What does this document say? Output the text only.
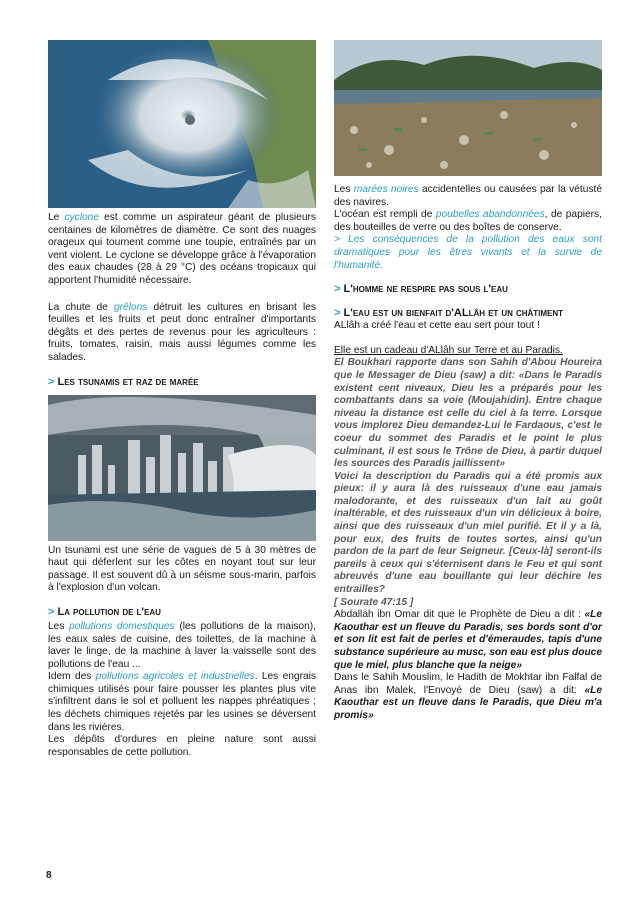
Le cyclone est comme un aspirateur géant de plusieurs centaines de kilomètres de diamètre. Ce sont des nuages orageux qui tournent comme une toupie, entraînés par un vent violent. Le cyclone se développe grâce à l'évaporation des eaux chaudes (28 à 29 °C) des océans tropicaux qui apportent l'humidité nécessaire.

La chute de grêlons détruit les cultures en brisant les feuilles et les fruits et peut donc entraîner d'importants dégâts et des pertes de revenus pour les agriculteurs : fruits, tomates, raisin, mais aussi légumes comme les salades.

> Les tsunamis et raz de marée

Un tsunami est une série de vagues de 5 à 30 mètres de haut qui déferlent sur les côtes en noyant tout sur leur passage. Il est souvent dû à un séisme sous-marin, parfois à l'explosion d'un volcan.

> La pollution de l'eau

Les pollutions domestiques (les pollutions de la maison), les eaux sales de cuisine, des toilettes, de la machine à laver le linge, de la machine à laver la vaisselle sont des pollutions de l'eau ...

Idem des pollutions agricoles et industrielles. Les engrais chimiques utilisés pour faire pousser les plantes plus vite s'infiltrent dans le sol et polluent les nappes phréatiques ; les déchets chimiques rejetés par les usines se déversent dans les rivières.

Les dépôts d'ordures en pleine nature sont aussi responsables de cette pollution.

Les marées noires accidentelles ou causées par la vétusté des navires.

L'océan est rempli de poubelles abandonnées, de papiers, des bouteilles de verre ou des boîtes de conserve.

> Les conséquences de la pollution des eaux sont dramatiques pour les êtres vivants et la survie de l'humanité.

> L'homme ne respire pas sous l'eau
> L'eau est un bienfait d'ALlâh et un châtiment

ALlâh a créé l'eau et cette eau sert pour tout !

Elle est un cadeau d'ALlâh sur Terre et au Paradis.

El Boukhari rapporte dans son Sahih d'Abou Houreira que le Messager de Dieu (saw) a dit: «Dans le Paradis existent cent niveaux, Dieu les a préparés pour les combattants dans sa voie (Moujahidin). Entre chaque niveau la distance est celle du ciel à la terre. Lorsque vous implorez Dieu demandez-Lui le Fardaous, c'est le coeur du sommet des Paradis et le point le plus culminant, il est sous le Trône de Dieu, à partir duquel les sources des Paradis jaillissent»

Voici la description du Paradis qui a été promis aux pieux: il y aura là des ruisseaux d'une eau jamais malodorante, et des ruisseaux d'un lait au goût inaltérable, et des ruisseaux d'un vin délicieux à boire, ainsi que des ruisseaux d'un miel purifié. Et il y a là, pour eux, des fruits de toutes sortes, ainsi qu'un pardon de la part de leur Seigneur. [Ceux-là] seront-ils pareils à ceux qui s'éternisent dans le Feu et qui sont abreuvés d'une eau bouillante qui leur déchire les entrailles?

[ Sourate 47:15 ]

Abdallah ibn Omar dit que le Prophète de Dieu a dit : «Le Kaouthar est un fleuve du Paradis, ses bords sont d'or et son lit est fait de perles et d'émeraudes, tapis d'une substance supérieure au musc, son eau est plus douce que le miel, plus blanche que la neige»

Dans le Sahih Mouslim, le Hadith de Mokhtar ibn Falfal de Anas ibn Malek, l'Envoyé de Dieu (saw) a dit: «Le Kaouthar est un fleuve dans le Paradis, que Dieu m'a promis»

8
